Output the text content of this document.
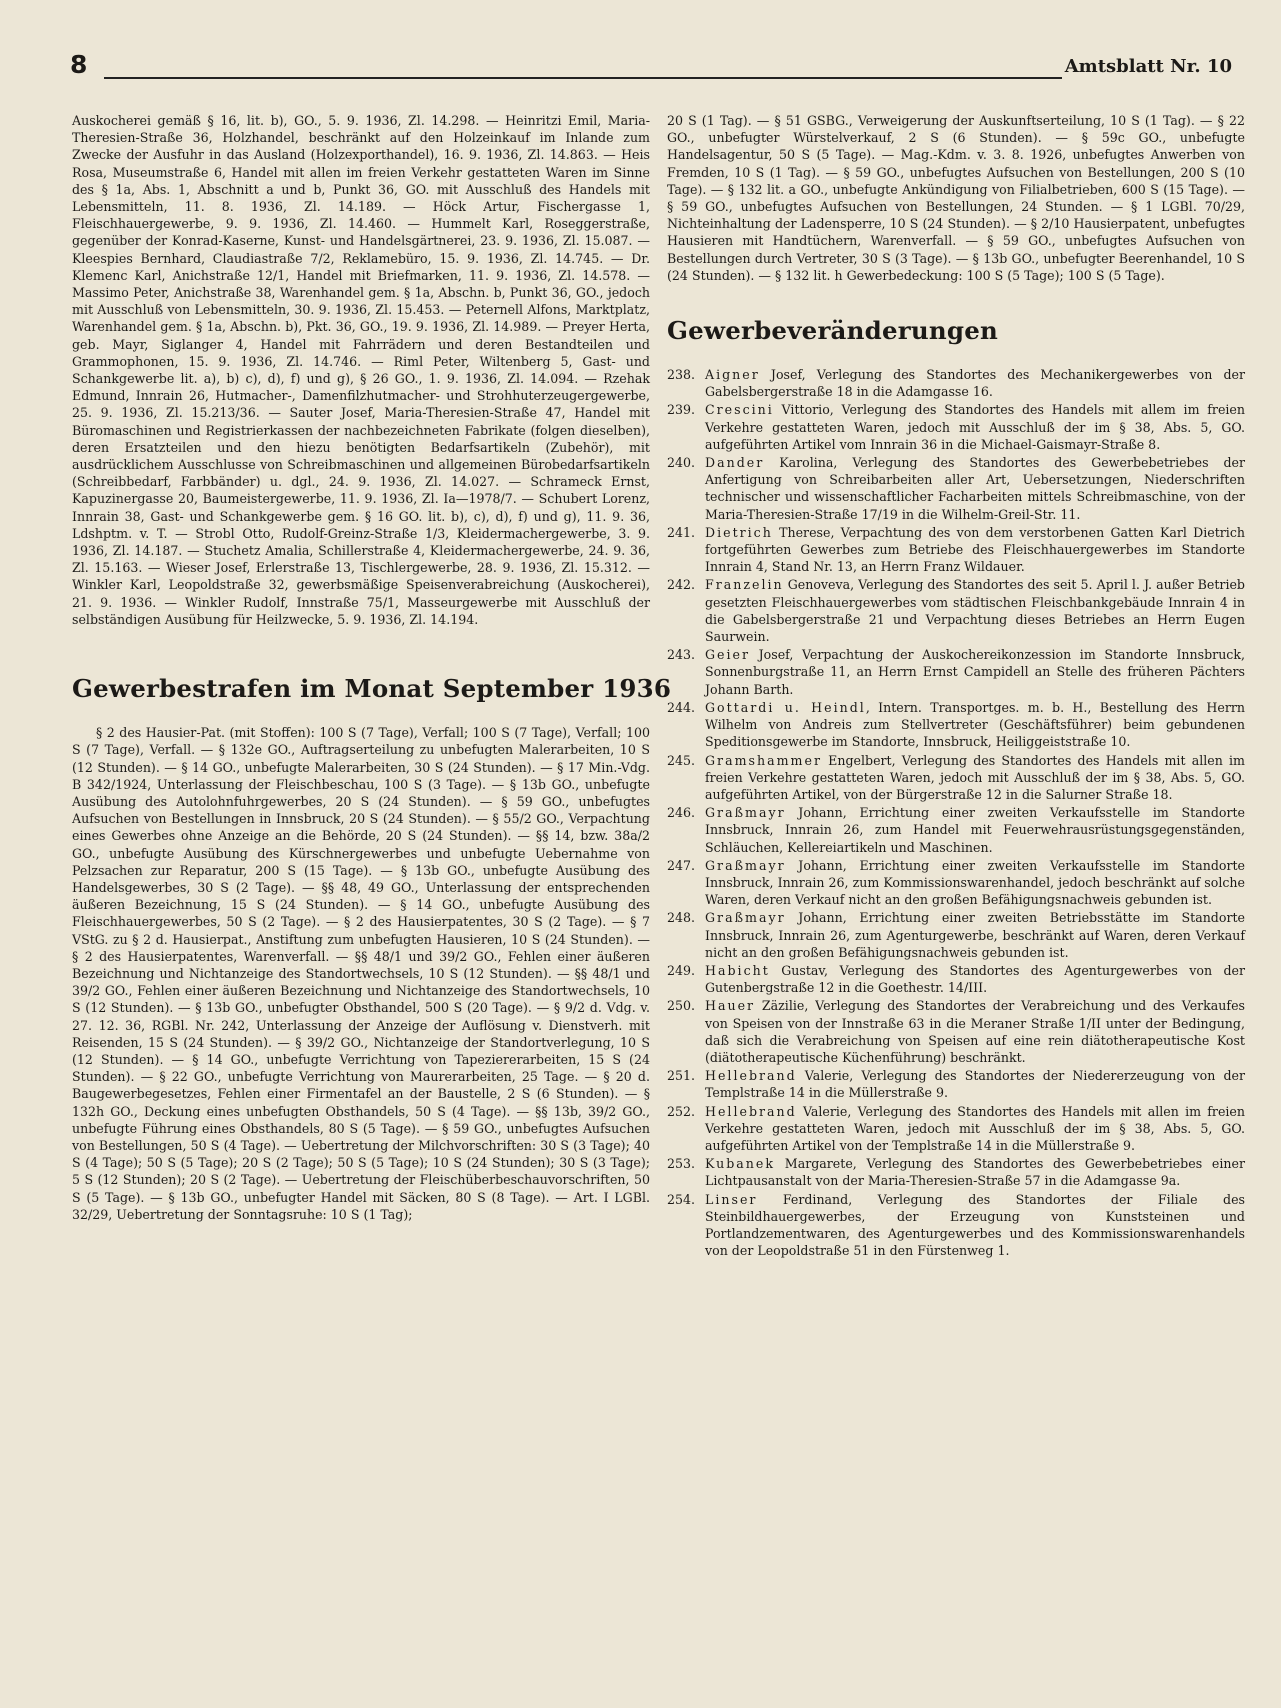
8	Amtsblatt Nr. 10

Auskocherei gemäß § 16, lit. b), GO., 5. 9. 1936, Zl. 14.298. — Heinritzi Emil, Maria-Theresien-Straße 36, Holzhandel, beschränkt auf den Holzeinkauf im Inlande zum Zwecke der Ausfuhr in das Ausland (Holzexporthandel), 16. 9. 1936, Zl. 14.863. — Heis Rosa, Museumstraße 6, Handel mit allen im freien Verkehr gestatteten Waren im Sinne des § 1a, Abs. 1, Abschnitt a und b, Punkt 36, GO. mit Ausschluß des Handels mit Lebensmitteln, 11. 8. 1936, Zl. 14.189. — Höck Artur, Fischergasse 1, Fleischhauergewerbe, 9. 9. 1936, Zl. 14.460. — Hummelt Karl, Roseggerstraße, gegenüber der Konrad-Kaserne, Kunst- und Handelsgärtnerei, 23. 9. 1936, Zl. 15.087. — Kleespies Bernhard, Claudiastraße 7/2, Reklamebüro, 15. 9. 1936, Zl. 14.745. — Dr. Klemenc Karl, Anichstraße 12/1, Handel mit Briefmarken, 11. 9. 1936, Zl. 14.578. — Massimo Peter, Anichstraße 38, Warenhandel gem. § 1a, Abschn. b, Punkt 36, GO., jedoch mit Ausschluß von Lebensmitteln, 30. 9. 1936, Zl. 15.453. — Peternell Alfons, Marktplatz, Warenhandel gem. § 1a, Abschn. b), Pkt. 36, GO., 19. 9. 1936, Zl. 14.989. — Preyer Herta, geb. Mayr, Siglanger 4, Handel mit Fahrrädern und deren Bestandteilen und Grammophonen, 15. 9. 1936, Zl. 14.746. — Riml Peter, Wiltenberg 5, Gast- und Schankgewerbe lit. a), b) c), d), f) und g), § 26 GO., 1. 9. 1936, Zl. 14.094. — Rzehak Edmund, Innrain 26, Hutmacher-, Damenfilzhutmacher- und Strohhuterzeugergewerbe, 25. 9. 1936, Zl. 15.213/36. — Sauter Josef, Maria-Theresien-Straße 47, Handel mit Büromaschinen und Registrierkassen der nachbezeichneten Fabrikate (folgen dieselben), deren Ersatzteilen und den hiezu benötigten Bedarfsartikeln (Zubehör), mit ausdrücklichem Ausschlusse von Schreibmaschinen und allgemeinen Bürobedarfsartikeln (Schreibbedarf, Farbbänder) u. dgl., 24. 9. 1936, Zl. 14.027. — Schrameck Ernst, Kapuzinergasse 20, Baumeistergewerbe, 11. 9. 1936, Zl. Ia—1978/7. — Schubert Lorenz, Innrain 38, Gast- und Schankgewerbe gem. § 16 GO. lit. b), c), d), f) und g), 11. 9. 36, Ldshptm. v. T. — Strobl Otto, Rudolf-Greinz-Straße 1/3, Kleidermachergewerbe, 3. 9. 1936, Zl. 14.187. — Stuchetz Amalia, Schillerstraße 4, Kleidermachergewerbe, 24. 9. 36, Zl. 15.163. — Wieser Josef, Erlerstraße 13, Tischlergewerbe, 28. 9. 1936, Zl. 15.312. — Winkler Karl, Leopoldstraße 32, gewerbsmäßige Speisenverabreichung (Auskocherei), 21. 9. 1936. — Winkler Rudolf, Innstraße 75/1, Masseurgewerbe mit Ausschluß der selbständigen Ausübung für Heilzwecke, 5. 9. 1936, Zl. 14.194.

Gewerbestrafen im Monat September 1936

§ 2 des Hausier-Pat. (mit Stoffen): 100 S (7 Tage), Verfall; 100 S (7 Tage), Verfall; 100 S (7 Tage), Verfall. — § 132e GO., Auftragserteilung zu unbefugten Malerarbeiten, 10 S (12 Stunden). — § 14 GO., unbefugte Malerarbeiten, 30 S (24 Stunden). — § 17 Min.-Vdg. B 342/1924, Unterlassung der Fleischbeschau, 100 S (3 Tage). — § 13b GO., unbefugte Ausübung des Autolohnfuhrgewerbes, 20 S (24 Stunden). — § 59 GO., unbefugtes Aufsuchen von Bestellungen in Innsbruck, 20 S (24 Stunden). — § 55/2 GO., Verpachtung eines Gewerbes ohne Anzeige an die Behörde, 20 S (24 Stunden). — §§ 14, bzw. 38a/2 GO., unbefugte Ausübung des Kürschnergewerbes und unbefugte Uebernahme von Pelzsachen zur Reparatur, 200 S (15 Tage). — § 13b GO., unbefugte Ausübung des Handelsgewerbes, 30 S (2 Tage). — §§ 48, 49 GO., Unterlassung der entsprechenden äußeren Bezeichnung, 15 S (24 Stunden). — § 14 GO., unbefugte Ausübung des Fleischhauergewerbes, 50 S (2 Tage). — § 2 des Hausierpatentes, 30 S (2 Tage). — § 7 VStG. zu § 2 d. Hausierpat., Anstiftung zum unbefugten Hausieren, 10 S (24 Stunden). — § 2 des Hausierpatentes, Warenverfall. — §§ 48/1 und 39/2 GO., Fehlen einer äußeren Bezeichnung und Nichtanzeige des Standortwechsels, 10 S (12 Stunden). — §§ 48/1 und 39/2 GO., Fehlen einer äußeren Bezeichnung und Nichtanzeige des Standortwechsels, 10 S (12 Stunden). — § 13b GO., unbefugter Obsthandel, 500 S (20 Tage). — § 9/2 d. Vdg. v. 27. 12. 36, RGBl. Nr. 242, Unterlassung der Anzeige der Auflösung v. Dienstverh. mit Reisenden, 15 S (24 Stunden). — § 39/2 GO., Nichtanzeige der Standortverlegung, 10 S (12 Stunden). — § 14 GO., unbefugte Verrichtung von Tapeziererarbeiten, 15 S (24 Stunden). — § 22 GO., unbefugte Verrichtung von Maurerarbeiten, 25 Tage. — § 20 d. Baugewerbegesetzes, Fehlen einer Firmentafel an der Baustelle, 2 S (6 Stunden). — § 132h GO., Deckung eines unbefugten Obsthandels, 50 S (4 Tage). — §§ 13b, 39/2 GO., unbefugte Führung eines Obsthandels, 80 S (5 Tage). — § 59 GO., unbefugtes Aufsuchen von Bestellungen, 50 S (4 Tage). — Uebertretung der Milchvorschriften: 30 S (3 Tage); 40 S (4 Tage); 50 S (5 Tage); 20 S (2 Tage); 50 S (5 Tage); 10 S (24 Stunden); 30 S (3 Tage); 5 S (12 Stunden); 20 S (2 Tage). — Uebertretung der Fleischüberbeschauvorschriften, 50 S (5 Tage). — § 13b GO., unbefugter Handel mit Säcken, 80 S (8 Tage). — Art. I LGBl. 32/29, Uebertretung der Sonntagsruhe: 10 S (1 Tag);

20 S (1 Tag). — § 51 GSBG., Verweigerung der Auskunftserteilung, 10 S (1 Tag). — § 22 GO., unbefugter Würstelverkauf, 2 S (6 Stunden). — § 59c GO., unbefugte Handelsagentur, 50 S (5 Tage). — Mag.-Kdm. v. 3. 8. 1926, unbefugtes Anwerben von Fremden, 10 S (1 Tag). — § 59 GO., unbefugtes Aufsuchen von Bestellungen, 200 S (10 Tage). — § 132 lit. a GO., unbefugte Ankündigung von Filialbetrieben, 600 S (15 Tage). — § 59 GO., unbefugtes Aufsuchen von Bestellungen, 24 Stunden. — § 1 LGBl. 70/29, Nichteinhaltung der Ladensperre, 10 S (24 Stunden). — § 2/10 Hausierpatent, unbefugtes Hausieren mit Handtüchern, Warenverfall. — § 59 GO., unbefugtes Aufsuchen von Bestellungen durch Vertreter, 30 S (3 Tage). — § 13b GO., unbefugter Beerenhandel, 10 S (24 Stunden). — § 132 lit. h Gewerbedeckung: 100 S (5 Tage); 100 S (5 Tage).

Gewerbeveränderungen
238. Aigner Josef, Verlegung des Standortes des Mechanikergewerbes von der Gabelsbergerstraße 18 in die Adamgasse 16.
239. Crescini Vittorio, Verlegung des Standortes des Handels mit allem im freien Verkehre gestatteten Waren, jedoch mit Ausschluß der im § 38, Abs. 5, GO. aufgeführten Artikel vom Innrain 36 in die Michael-Gaismayr-Straße 8.
240. Dander Karolina, Verlegung des Standortes des Gewerbebetriebes der Anfertigung von Schreibarbeiten aller Art, Uebersetzungen, Niederschriften technischer und wissenschaftlicher Facharbeiten mittels Schreibmaschine, von der Maria-Theresien-Straße 17/19 in die Wilhelm-Greil-Str. 11.
241. Dietrich Therese, Verpachtung des von dem verstorbenen Gatten Karl Dietrich fortgeführten Gewerbes zum Betriebe des Fleischhauergewerbes im Standorte Innrain 4, Stand Nr. 13, an Herrn Franz Wildauer.
242. Franzelin Genoveva, Verlegung des Standortes des seit 5. April l. J. außer Betrieb gesetzten Fleischhauergewerbes vom städtischen Fleischbankgebäude Innrain 4 in die Gabelsbergerstraße 21 und Verpachtung dieses Betriebes an Herrn Eugen Saurwein.
243. Geier Josef, Verpachtung der Auskochereikonzession im Standorte Innsbruck, Sonnenburgstraße 11, an Herrn Ernst Campidell an Stelle des früheren Pächters Johann Barth.
244. Gottardi u. Heindl, Intern. Transportges. m. b. H., Bestellung des Herrn Wilhelm von Andreis zum Stellvertreter (Geschäftsführer) beim gebundenen Speditionsgewerbe im Standorte, Innsbruck, Heiliggeiststraße 10.
245. Gramshammer Engelbert, Verlegung des Standortes des Handels mit allen im freien Verkehre gestatteten Waren, jedoch mit Ausschluß der im § 38, Abs. 5, GO. aufgeführten Artikel, von der Bürgerstraße 12 in die Salurner Straße 18.
246. Graßmayr Johann, Errichtung einer zweiten Verkaufsstelle im Standorte Innsbruck, Innrain 26, zum Handel mit Feuerwehrausrüstungsgegenständen, Schläuchen, Kellereiartikeln und Maschinen.
247. Graßmayr Johann, Errichtung einer zweiten Verkaufsstelle im Standorte Innsbruck, Innrain 26, zum Kommissionswarenhandel, jedoch beschränkt auf solche Waren, deren Verkauf nicht an den großen Befähigungsnachweis gebunden ist.
248. Graßmayr Johann, Errichtung einer zweiten Betriebsstätte im Standorte Innsbruck, Innrain 26, zum Agenturgewerbe, beschränkt auf Waren, deren Verkauf nicht an den großen Befähigungsnachweis gebunden ist.
249. Habicht Gustav, Verlegung des Standortes des Agenturgewerbes von der Gutenbergstraße 12 in die Goethestr. 14/III.
250. Hauer Zäzilie, Verlegung des Standortes der Verabreichung und des Verkaufes von Speisen von der Innstraße 63 in die Meraner Straße 1/II unter der Bedingung, daß sich die Verabreichung von Speisen auf eine rein diätotherapeutische Kost (diätotherapeutische Küchenführung) beschränkt.
251. Hellebrand Valerie, Verlegung des Standortes der Niedererzeugung von der Templstraße 14 in die Müllerstraße 9.
252. Hellebrand Valerie, Verlegung des Standortes des Handels mit allen im freien Verkehre gestatteten Waren, jedoch mit Ausschluß der im § 38, Abs. 5, GO. aufgeführten Artikel von der Templstraße 14 in die Müllerstraße 9.
253. Kubanek Margarete, Verlegung des Standortes des Gewerbebetriebes einer Lichtpausanstalt von der Maria-Theresien-Straße 57 in die Adamgasse 9a.
254. Linser Ferdinand, Verlegung des Standortes der Filiale des Steinbildhauergewerbes, der Erzeugung von Kunststeinen und Portlandzementwaren, des Agenturgewerbes und des Kommissionswarenhandels von der Leopoldstraße 51 in den Fürstenweg 1.
